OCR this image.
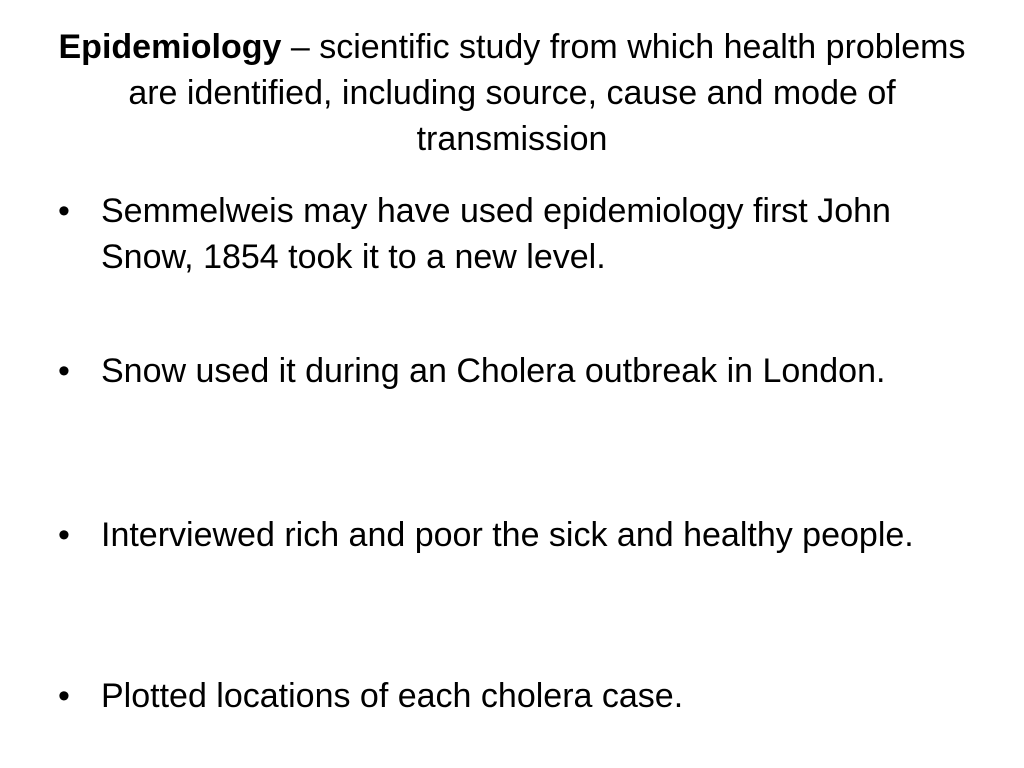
Epidemiology – scientific study from which health problems are identified, including source, cause and mode of transmission
• Semmelweis may have used epidemiology first John Snow, 1854 took it to a new level.
• Snow used it during an Cholera outbreak in London.
• Interviewed rich and poor the sick and healthy people.
• Plotted locations of each cholera case.
